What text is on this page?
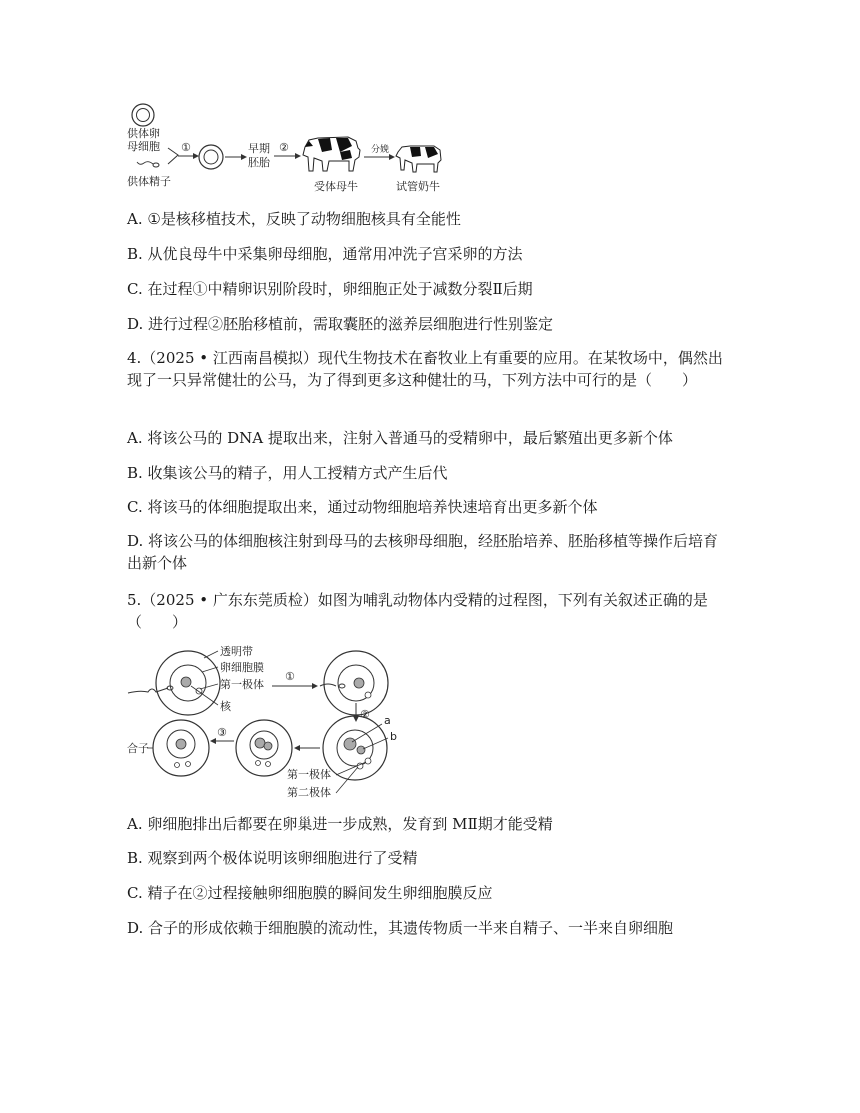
供体卵
母细胞
供体精子
①	早期
胚胎
②
受体母牛
分娩
试管奶牛
A. ①是核移植技术，反映了动物细胞核具有全能性
B. 从优良母牛中采集卵母细胞，通常用冲洗子宫采卵的方法
C. 在过程①中精卵识别阶段时，卵细胞正处于减数分裂Ⅱ后期
D. 进行过程②胚胎移植前，需取囊胚的滋养层细胞进行性别鉴定
4.（2025 • 江西南昌模拟）现代生物技术在畜牧业上有重要的应用。在某牧场中，偶然出现了一只异常健壮的公马，为了得到更多这种健壮的马，下列方法中可行的是（　　）
A. 将该公马的 DNA 提取出来，注射入普通马的受精卵中，最后繁殖出更多新个体
B. 收集该公马的精子，用人工授精方式产生后代
C. 将该马的体细胞提取出来，通过动物细胞培养快速培育出更多新个体
D. 将该公马的体细胞核注射到母马的去核卵母细胞，经胚胎培养、胚胎移植等操作后培育出新个体
5.（2025 • 广东东莞质检）如图为哺乳动物体内受精的过程图，下列有关叙述正确的是（　　）
透明带
卵细胞膜
第一极体
核
①
② a
b
第一极体
第二极体
③
合子
A. 卵细胞排出后都要在卵巢进一步成熟，发育到 MⅡ期才能受精
B. 观察到两个极体说明该卵细胞进行了受精
C. 精子在②过程接触卵细胞膜的瞬间发生卵细胞膜反应
D. 合子的形成依赖于细胞膜的流动性，其遗传物质一半来自精子、一半来自卵细胞
